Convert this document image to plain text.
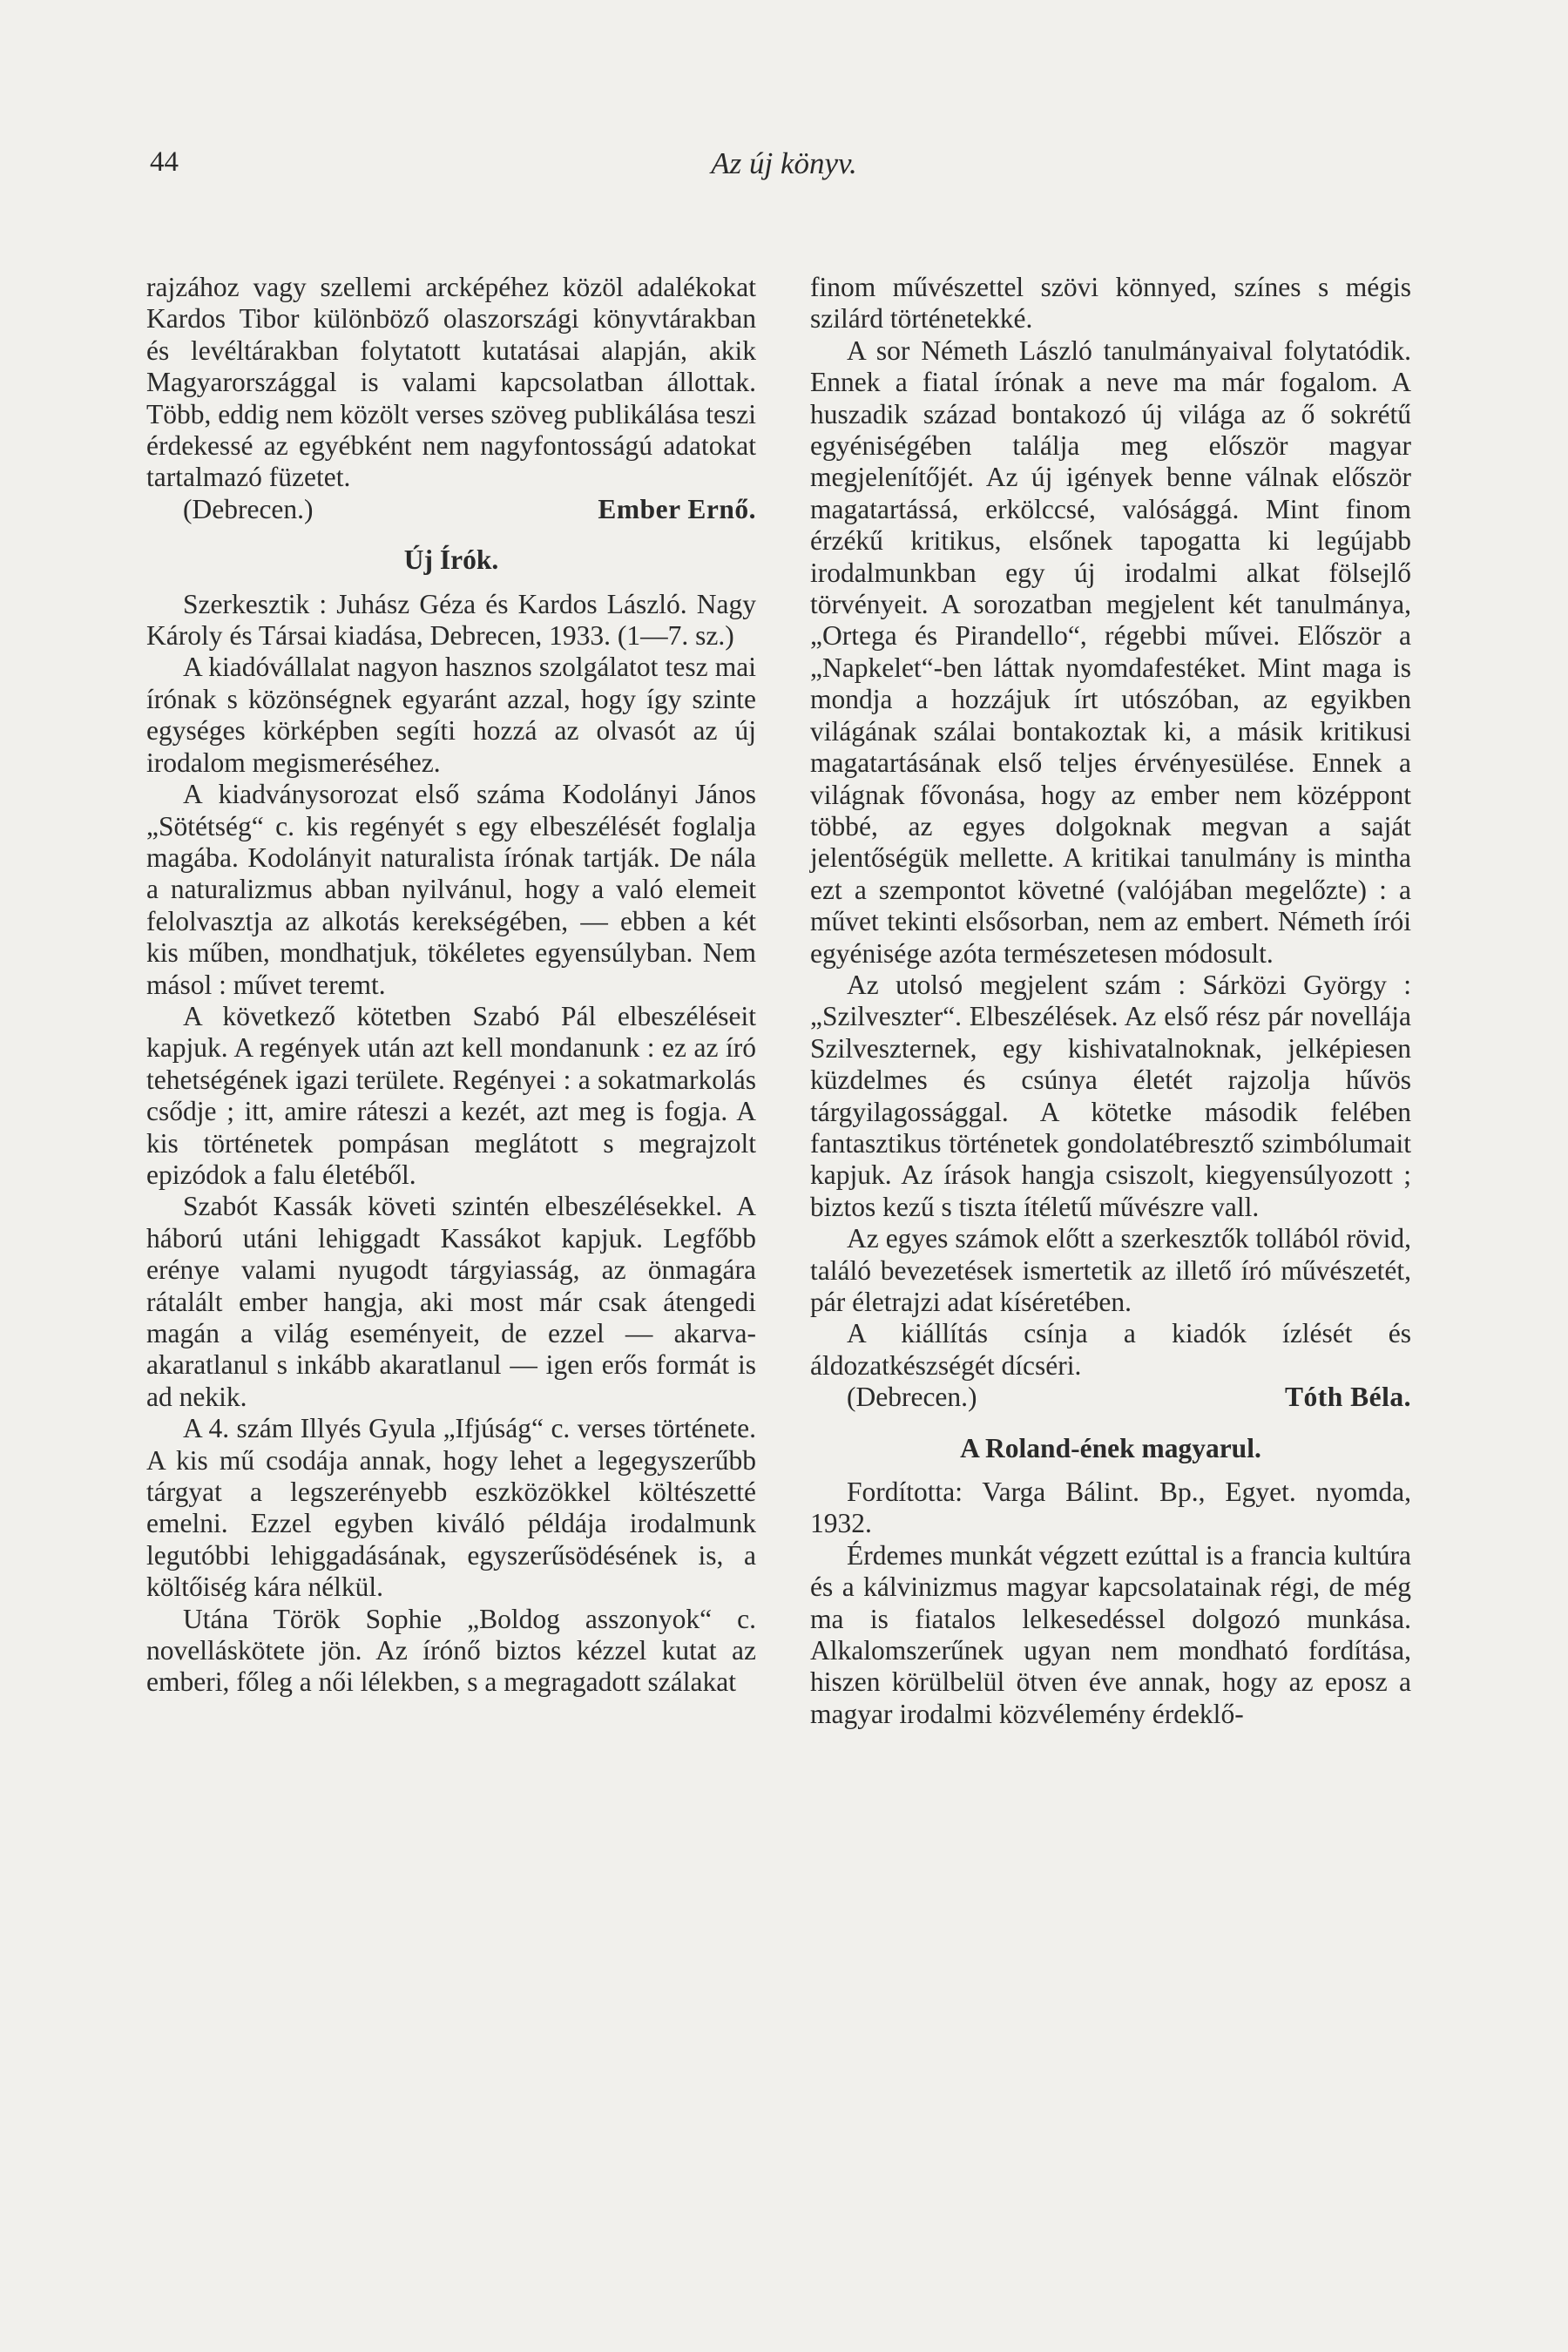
44	Az új könyv.

rajzához vagy szellemi arcképéhez közöl adalékokat Kardos Tibor különböző olaszországi könyvtárakban és levéltárakban folytatott kutatásai alapján, akik Magyarországgal is valami kapcsolatban állottak. Több, eddig nem közölt verses szöveg publikálása teszi érdekessé az egyébként nem nagyfontosságú adatokat tartalmazó füzetet.

(Debrecen.)	Ember Ernő.
Új Írók.

Szerkesztik : Juhász Géza és Kardos László. Nagy Károly és Társai kiadása, Debrecen, 1933. (1—7. sz.)

A kiadóvállalat nagyon hasznos szolgálatot tesz mai írónak s közönségnek egyaránt azzal, hogy így szinte egységes körképben segíti hozzá az olvasót az új irodalom megismeréséhez.

A kiadványsorozat első száma Kodolányi János „Sötétség“ c. kis regényét s egy elbeszélését foglalja magába. Kodolányit naturalista írónak tartják. De nála a naturalizmus abban nyilvánul, hogy a való elemeit felolvasztja az alkotás kerekségében, — ebben a két kis műben, mondhatjuk, tökéletes egyensúlyban. Nem másol : művet teremt.

A következő kötetben Szabó Pál elbeszéléseit kapjuk. A regények után azt kell mondanunk : ez az író tehetségének igazi területe. Regényei : a sokatmarkolás csődje ; itt, amire ráteszi a kezét, azt meg is fogja. A kis történetek pompásan meglátott s megrajzolt epizódok a falu életéből.

Szabót Kassák követi szintén elbeszélésekkel. A háború utáni lehiggadt Kassákot kapjuk. Legfőbb erénye valami nyugodt tárgyiasság, az önmagára rátalált ember hangja, aki most már csak átengedi magán a világ eseményeit, de ezzel — akarva-akaratlanul s inkább akaratlanul — igen erős formát is ad nekik.

A 4. szám Illyés Gyula „Ifjúság“ c. verses története. A kis mű csodája annak, hogy lehet a legegyszerűbb tárgyat a legszerényebb eszközökkel költészetté emelni. Ezzel egyben kiváló példája irodalmunk legutóbbi lehiggadásának, egyszerűsödésének is, a költőiség kára nélkül.

Utána Török Sophie „Boldog asszonyok“ c. novelláskötete jön. Az írónő biztos kézzel kutat az emberi, főleg a női lélekben, s a megragadott szálakat

finom művészettel szövi könnyed, színes s mégis szilárd történetekké.

A sor Németh László tanulmányaival folytatódik. Ennek a fiatal írónak a neve ma már fogalom. A huszadik század bontakozó új világa az ő sokrétű egyéniségében találja meg először magyar megjelenítőjét. Az új igények benne válnak először magatartássá, erkölccsé, valósággá. Mint finom érzékű kritikus, elsőnek tapogatta ki legújabb irodalmunkban egy új irodalmi alkat fölsejlő törvényeit. A sorozatban megjelent két tanulmánya, „Ortega és Pirandello“, régebbi művei. Először a „Napkelet“-ben láttak nyomdafestéket. Mint maga is mondja a hozzájuk írt utószóban, az egyikben világának szálai bontakoztak ki, a másik kritikusi magatartásának első teljes érvényesülése. Ennek a világnak fővonása, hogy az ember nem középpont többé, az egyes dolgoknak megvan a saját jelentőségük mellette. A kritikai tanulmány is mintha ezt a szempontot követné (valójában megelőzte) : a művet tekinti elsősorban, nem az embert. Németh írói egyénisége azóta természetesen módosult.

Az utolsó megjelent szám : Sárközi György : „Szilveszter“. Elbeszélések. Az első rész pár novellája Szilveszternek, egy kishivatalnoknak, jelképiesen küzdelmes és csúnya életét rajzolja hűvös tárgyilagossággal. A kötetke második felében fantasztikus történetek gondolatébresztő szimbólumait kapjuk. Az írások hangja csiszolt, kiegyensúlyozott ; biztos kezű s tiszta ítéletű művészre vall.

Az egyes számok előtt a szerkesztők tollából rövid, találó bevezetések ismertetik az illető író művészetét, pár életrajzi adat kíséretében.

A kiállítás csínja a kiadók ízlését és áldozatkészségét dícséri.

(Debrecen.)	Tóth Béla.
A Roland-ének magyarul.

Fordította: Varga Bálint. Bp., Egyet. nyomda, 1932.

Érdemes munkát végzett ezúttal is a francia kultúra és a kálvinizmus magyar kapcsolatainak régi, de még ma is fiatalos lelkesedéssel dolgozó munkása. Alkalomszerűnek ugyan nem mondható fordítása, hiszen körülbelül ötven éve annak, hogy az eposz a magyar irodalmi közvélemény érdeklő-
